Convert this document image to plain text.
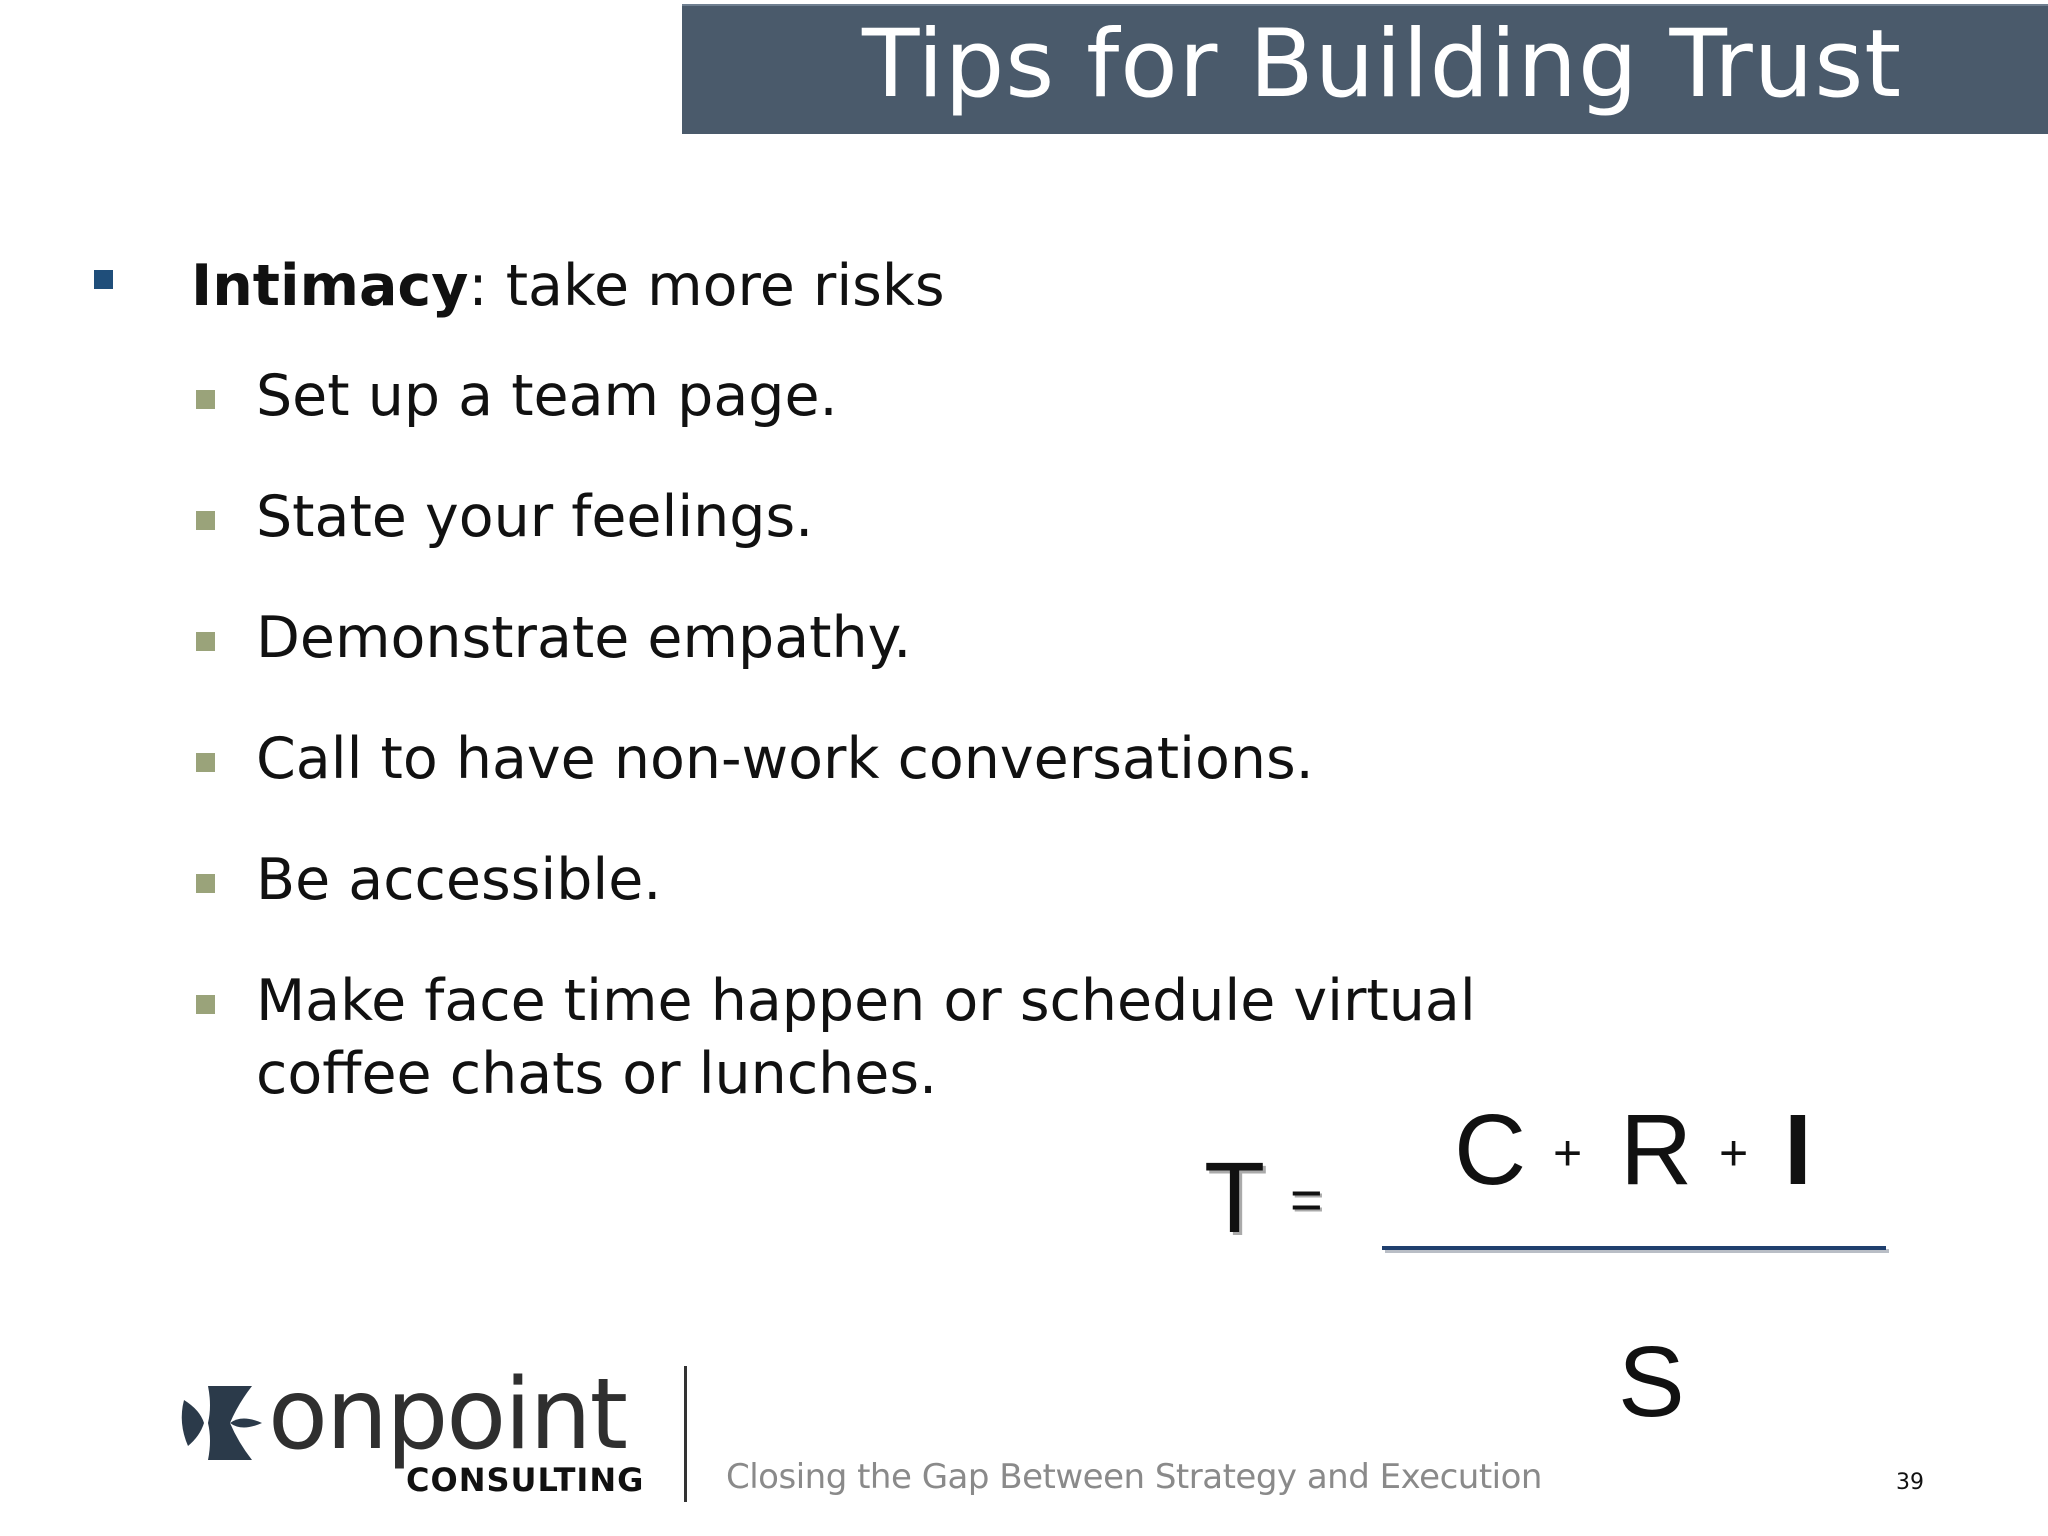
Tips for Building Trust
Intimacy: take more risks
Set up a team page.
State your feelings.
Demonstrate empathy.
Call to have non-work conversations.
Be accessible.
Make face time happen or schedule virtual
coffee chats or lunches.
T = C + R + I
S
onpoint
CONSULTING Closing the Gap Between Strategy and Execution	39
